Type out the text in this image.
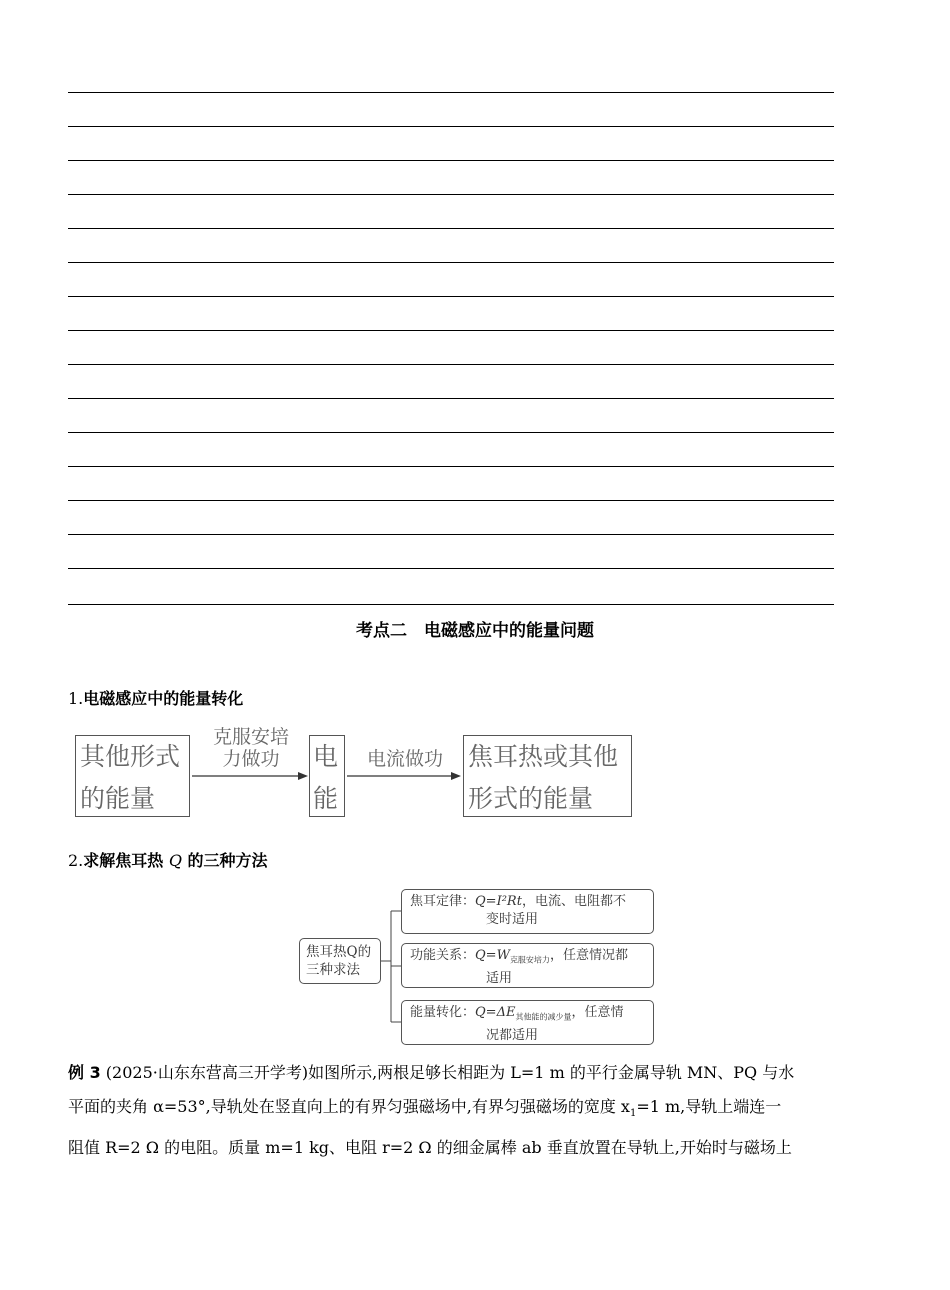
考点二　电磁感应中的能量问题
1.电磁感应中的能量转化
其他形式
的能量
克服安培
力做功	电
能
电流做功	焦耳热或其他
形式的能量
2.求解焦耳热 Q 的三种方法
焦耳热Q的
三种求法
焦耳定律：Q=I²Rt，电流、电阻都不
变时适用
功能关系：$Q=W_{克服安培力}$，任意情况都
适用
能量转化：$Q=\Delta E_{其他能的减少量}$，任意情
况都适用
例 3 (2025·山东东营高三开学考)如图所示,两根足够长相距为 L=1 m 的平行金属导轨 MN、PQ 与水
平面的夹角 α=53°,导轨处在竖直向上的有界匀强磁场中,有界匀强磁场的宽度 $x_1=1$ m,导轨上端连一
阻值 R=2 Ω 的电阻。质量 m=1 kg、电阻 r=2 Ω 的细金属棒 ab 垂直放置在导轨上,开始时与磁场上
